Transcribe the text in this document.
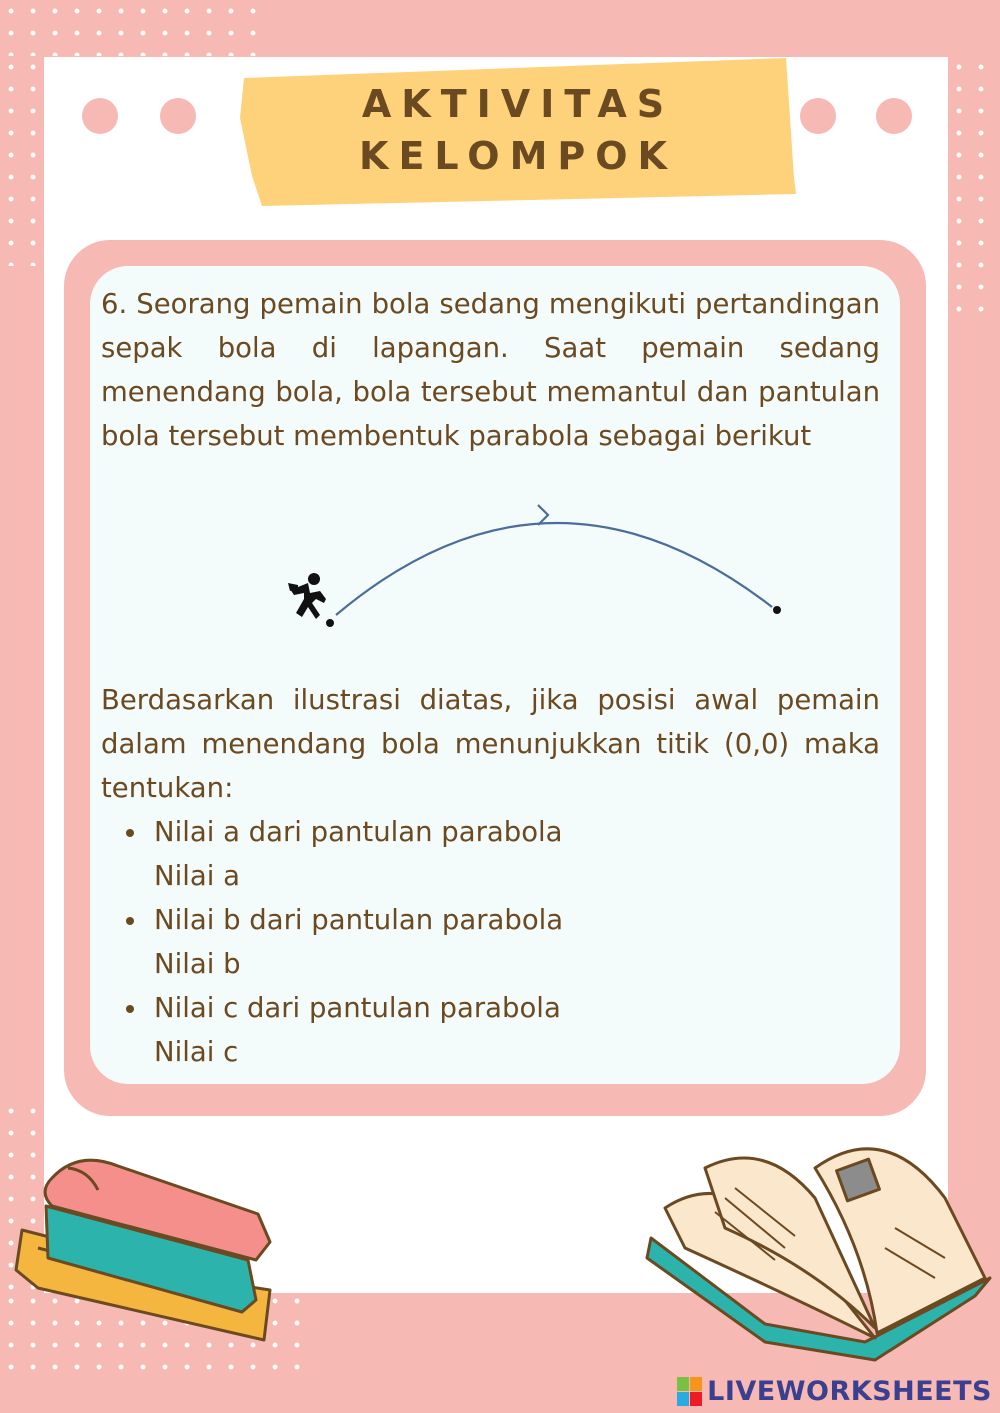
AKTIVITAS
KELOMPOK
6. Seorang pemain bola sedang mengikuti pertandingan sepak bola di lapangan. Saat pemain sedang menendang bola, bola tersebut memantul dan pantulan bola tersebut membentuk parabola sebagai berikut
Berdasarkan ilustrasi diatas, jika posisi awal pemain dalam menendang bola menunjukkan titik (0,0) maka tentukan:
Nilai a dari pantulan parabola
Nilai a
Nilai b dari pantulan parabola
Nilai b
Nilai c dari pantulan parabola
Nilai c
LIVEWORKSHEETS
